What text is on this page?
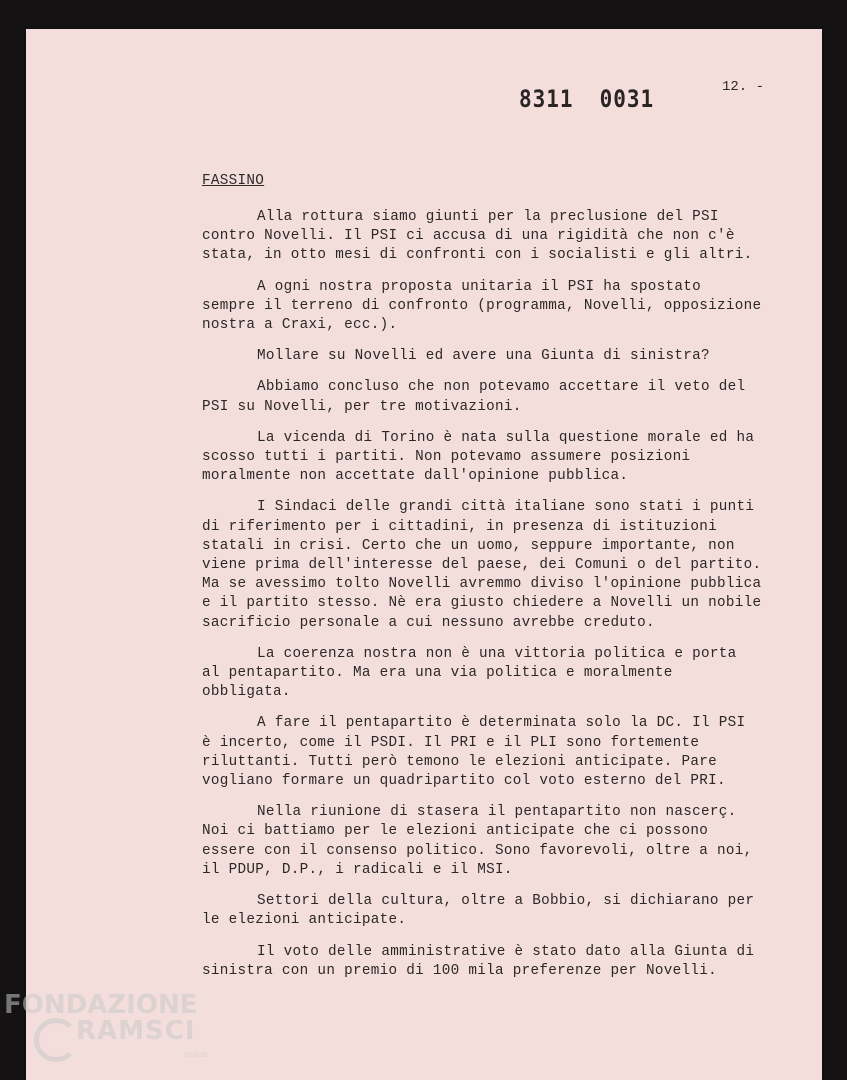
8311 0031	12. -
FASSINO

Alla rottura siamo giunti per la preclusione del PSI contro Novelli. Il PSI ci accusa di una rigidità che non c'è stata, in otto mesi di confronti con i socialisti e gli altri.

A ogni nostra proposta unitaria il PSI ha spostato sempre il terreno di confronto (programma, Novelli, opposizione nostra a Craxi, ecc.).

Mollare su Novelli ed avere una Giunta di sinistra?

Abbiamo concluso che non potevamo accettare il veto del PSI su Novelli, per tre motivazioni.

La vicenda di Torino è nata sulla questione morale ed ha scosso tutti i partiti. Non potevamo assumere posizioni moralmente non accettate dall'opinione pubblica.

I Sindaci delle grandi città italiane sono stati i punti di riferimento per i cittadini, in presenza di istituzioni statali in crisi. Certo che un uomo, seppure importante, non viene prima dell'interesse del paese, dei Comuni o del partito. Ma se avessimo tolto Novelli avremmo diviso l'opinione pubblica e il partito stesso. Nè era giusto chiedere a Novelli un nobile sacrificio personale a cui nessuno avrebbe creduto.

La coerenza nostra non è una vittoria politica e porta al pentapartito. Ma era una via politica e moralmente obbligata.

A fare il pentapartito è determinata solo la DC. Il PSI è incerto, come il PSDI. Il PRI e il PLI sono fortemente riluttanti. Tutti però temono le elezioni anticipate. Pare vogliano formare un quadripartito col voto esterno del PRI.

Nella riunione di stasera il pentapartito non nascerç. Noi ci battiamo per le elezioni anticipate che ci possono essere con il consenso politico. Sono favorevoli, oltre a noi, il PDUP, D.P., i radicali e il MSI.

Settori della cultura, oltre a Bobbio, si dichiarano per le elezioni anticipate.

Il voto delle amministrative è stato dato alla Giunta di sinistra con un premio di 100 mila preferenze per Novelli.

FONDAZIONE
RAMSCI
onlus
